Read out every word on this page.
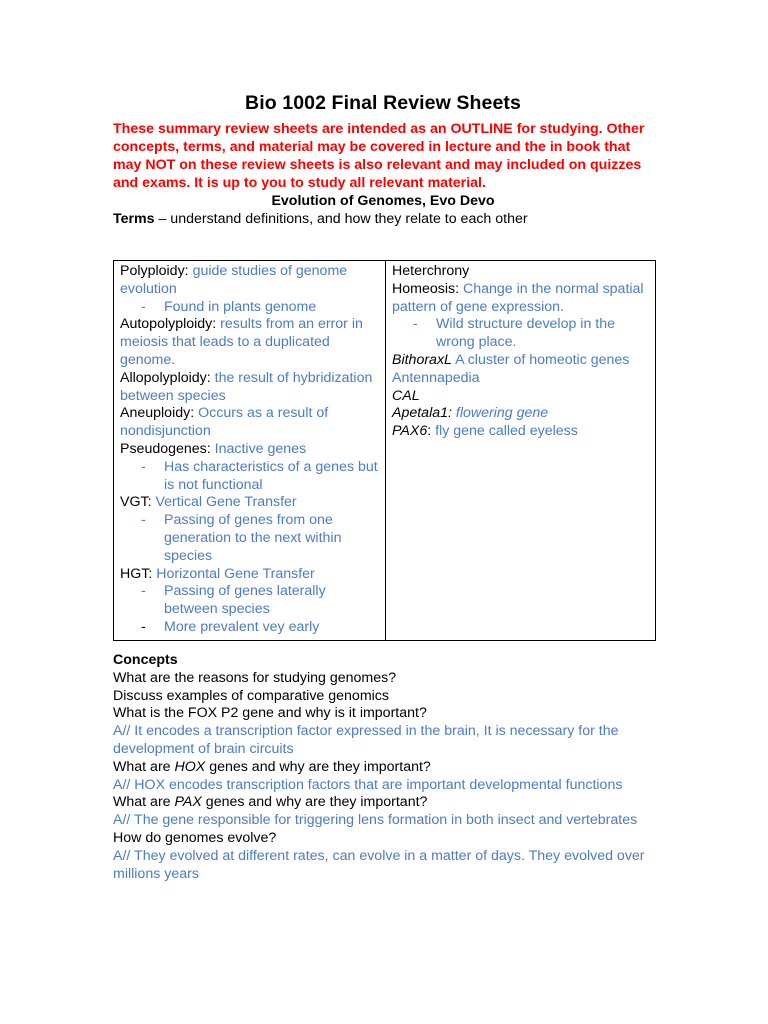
Bio 1002 Final Review Sheets

These summary review sheets are intended as an OUTLINE for studying. Other concepts, terms, and material may be covered in lecture and the in book that may NOT on these review sheets is also relevant and may included on quizzes and exams. It is up to you to study all relevant material.

Evolution of Genomes, Evo Devo

Terms – understand definitions, and how they relate to each other

Polyploidy: guide studies of genome evolution
-	Found in plants genome
Autopolyploidy: results from an error in meiosis that leads to a duplicated genome.
Allopolyploidy: the result of hybridization between species
Aneuploidy: Occurs as a result of nondisjunction
Pseudogenes: Inactive genes
-	Has characteristics of a genes but is not functional
VGT: Vertical Gene Transfer
-	Passing of genes from one generation to the next within species
HGT: Horizontal Gene Transfer
-	Passing of genes laterally between species
-	More prevalent vey early

Heterchrony
Homeosis: Change in the normal spatial pattern of gene expression.
-	Wild structure develop in the wrong place.
BithoraxL A cluster of homeotic genes
Antennapedia
CAL
Apetala1: flowering gene
PAX6: fly gene called eyeless

Concepts

What are the reasons for studying genomes?

Discuss examples of comparative genomics

What is the FOX P2 gene and why is it important?

A// It encodes a transcription factor expressed in the brain, It is necessary for the development of brain circuits

What are HOX genes and why are they important?

A// HOX encodes transcription factors that are important developmental functions

What are PAX genes and why are they important?

A// The gene responsible for triggering lens formation in both insect and vertebrates

How do genomes evolve?

A// They evolved at different rates, can evolve in a matter of days. They evolved over millions years
